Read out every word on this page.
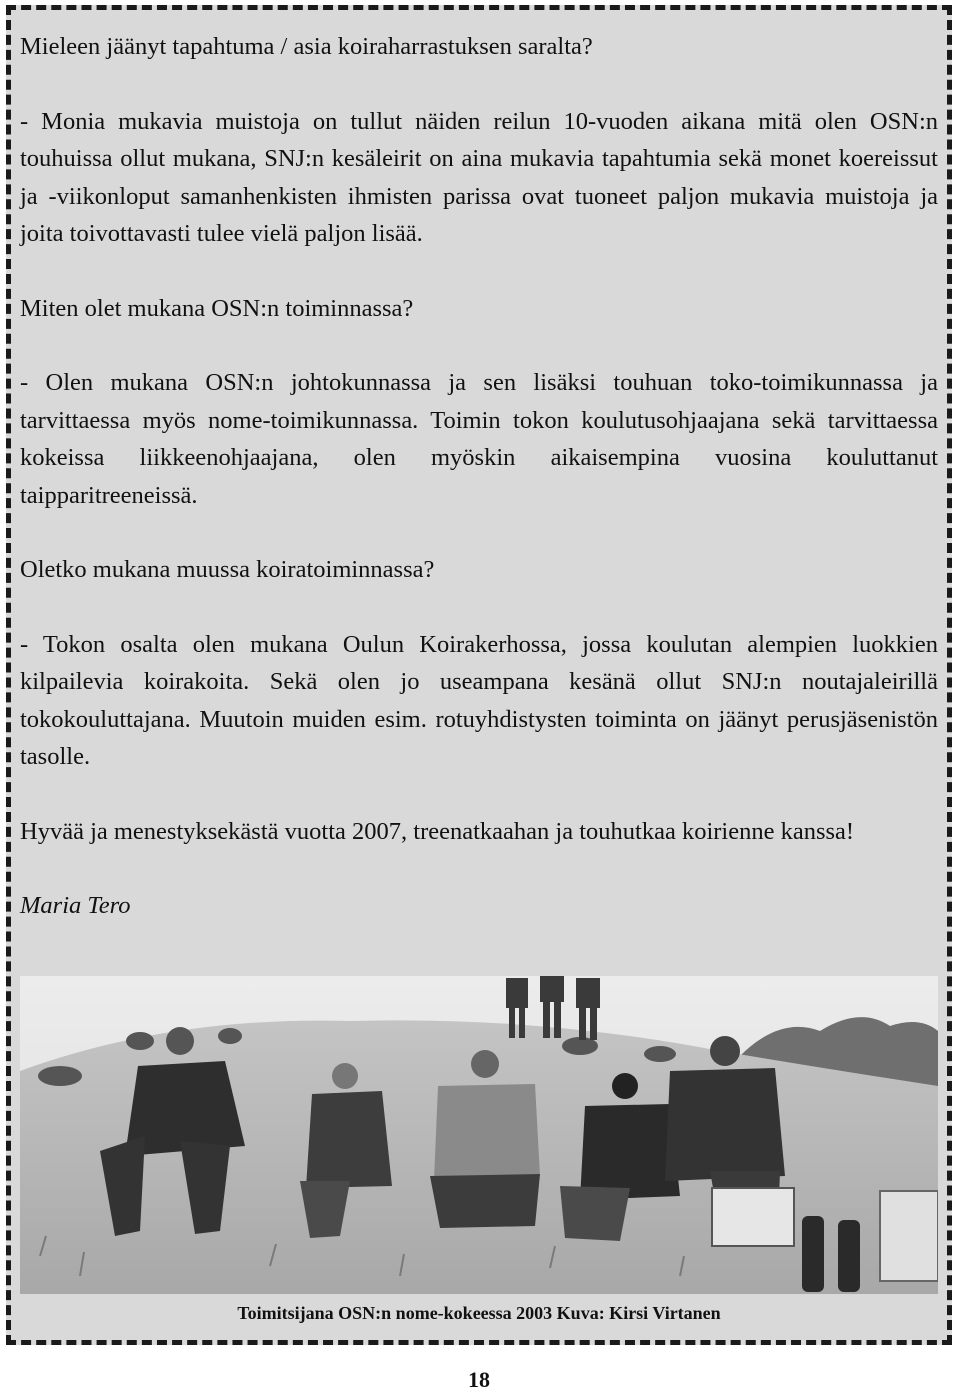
Mieleen jäänyt tapahtuma / asia koiraharrastuksen saralta?

- Monia mukavia muistoja on tullut näiden reilun 10-vuoden aikana mitä olen OSN:n touhuissa ollut mukana, SNJ:n kesäleirit on aina mukavia tapahtumia sekä monet koereissut ja -viikonloput samanhenkisten ihmisten parissa ovat tuoneet paljon mukavia muistoja ja joita toivottavasti tulee vielä paljon lisää.

Miten olet mukana OSN:n toiminnassa?

- Olen mukana OSN:n johtokunnassa ja sen lisäksi touhuan toko-toimikunnassa ja tarvittaessa myös nome-toimikunnassa. Toimin tokon koulutusohjaajana sekä tarvittaessa kokeissa liikkeenohjaajana, olen myöskin aikaisempina vuosina kouluttanut taipparitreeneissä.

Oletko mukana muussa koiratoiminnassa?

- Tokon osalta olen mukana Oulun Koirakerhossa, jossa koulutan alempien luokkien kilpailevia koirakoita. Sekä olen jo useampana kesänä ollut SNJ:n noutajaleirillä tokokouluttajana. Muutoin muiden esim. rotuyhdistysten toiminta on jäänyt perusjäsenistön tasolle.

Hyvää ja menestyksekästä vuotta 2007, treenatkaahan ja touhutkaa koirienne kanssa!

Maria Tero

Toimitsijana OSN:n nome-kokeessa 2003 Kuva: Kirsi Virtanen
18
